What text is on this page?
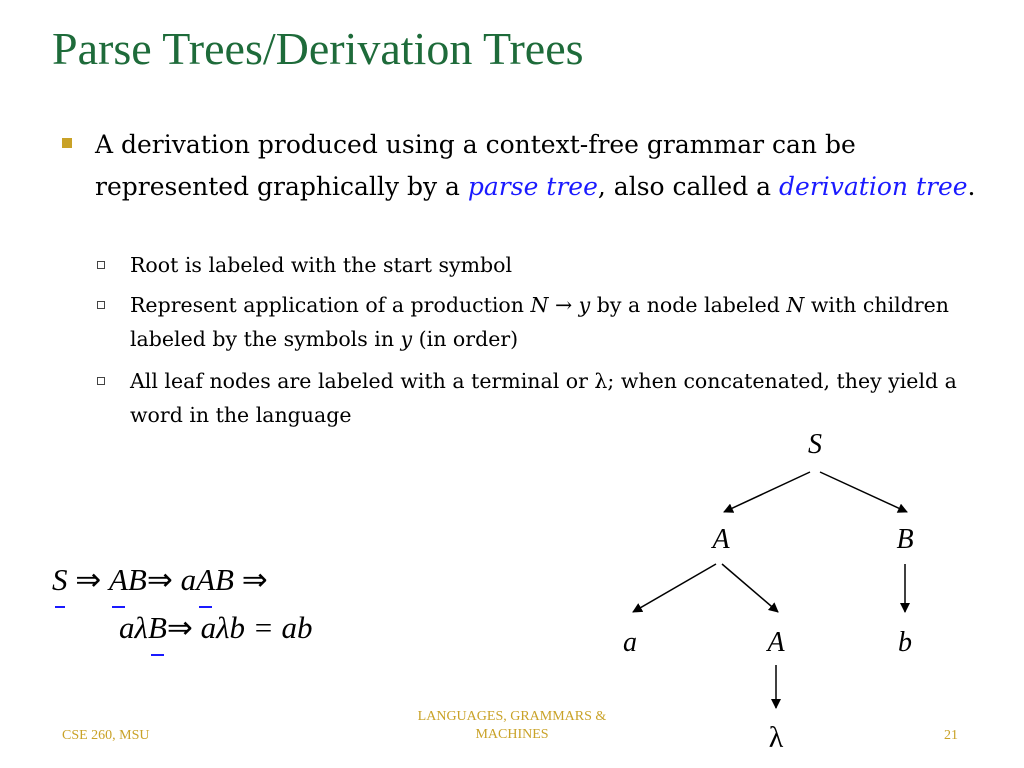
Parse Trees/Derivation Trees
A derivation produced using a context-free grammar can be represented graphically by a parse tree, also called a derivation tree.
Root is labeled with the start symbol
Represent application of a production N → y by a node labeled N with children labeled by the symbols in y (in order)
All leaf nodes are labeled with a terminal or λ; when concatenated, they yield a word in the language
S ⇒ AB⇒ aAB ⇒
aλB⇒ aλb = ab
S
A	B
a	A	b
λ
CSE 260, MSU
LANGUAGES, GRAMMARS &
MACHINES	21
